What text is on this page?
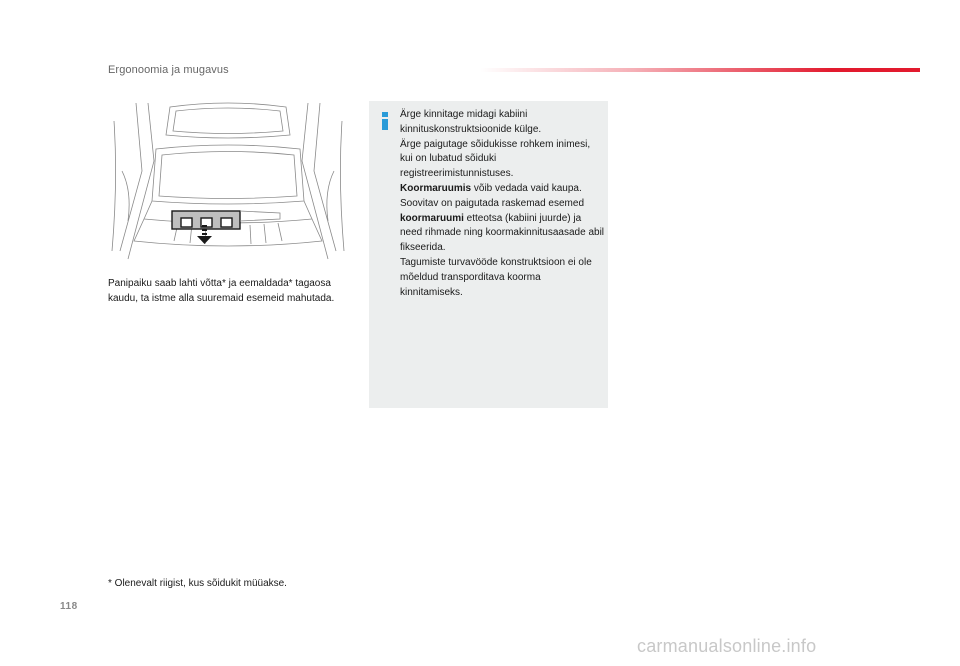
Ergonoomia ja mugavus
Panipaiku saab lahti võtta* ja eemaldada* tagaosa kaudu, ta istme alla suuremaid esemeid mahutada.
Ärge kinnitage midagi kabiini kinnituskonstruktsioonide külge.
Ärge paigutage sõidukisse rohkem inimesi, kui on lubatud sõiduki registreerimistunnistuses.
Koormaruumis võib vedada vaid kaupa.
Soovitav on paigutada raskemad esemed koormaruumi etteotsa (kabiini juurde) ja need rihmade ning koormakinnitusaasade abil fikseerida.
Tagumiste turvavööde konstruktsioon ei ole mõeldud transporditava koorma kinnitamiseks.
* Olenevalt riigist, kus sõidukit müüakse.
118
carmanualsonline.info
